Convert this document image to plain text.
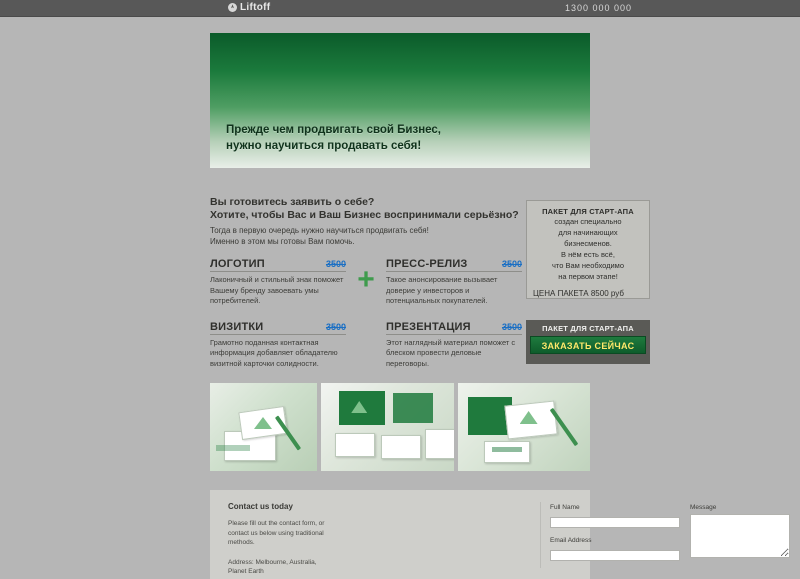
Liftoff	1300 000 000
Прежде чем продвигать свой Бизнес,
нужно научиться продавать себя!
Вы готовитесь заявить о себе?
Хотите, чтобы Вас и Ваш Бизнес воспринимали серьёзно?
Тогда в первую очередь нужно научиться продвигать себя!
Именно в этом мы готовы Вам помочь.
ЛОГОТИП	3500
Лаконичный и стильный знак поможет Вашему бренду завоевать умы потребителей.
+	ПРЕСС-РЕЛИЗ	3500
Такое анонсирование вызывает доверие у инвесторов и потенциальных покупателей.
ВИЗИТКИ	3500
Грамотно поданная контактная информация добавляет обладателю визитной карточки солидности.
ПРЕЗЕНТАЦИЯ	3500
Этот наглядный материал поможет с блеском провести деловые переговоры.
ПАКЕТ ДЛЯ СТАРТ-АПА
создан специально
для начинающих
бизнесменов.
В нём есть всё,
что Вам необходимо
на первом этапе!
ЦЕНА ПАКЕТА 8500 руб
ПАКЕТ ДЛЯ СТАРТ-АПА
ЗАКАЗАТЬ СЕЙЧАС
Contact us today
Please fill out the contact form, or
contact us below using traditional
methods.
Address: Melbourne, Australia,
Planet Earth
Full Name
Email Address
Message
